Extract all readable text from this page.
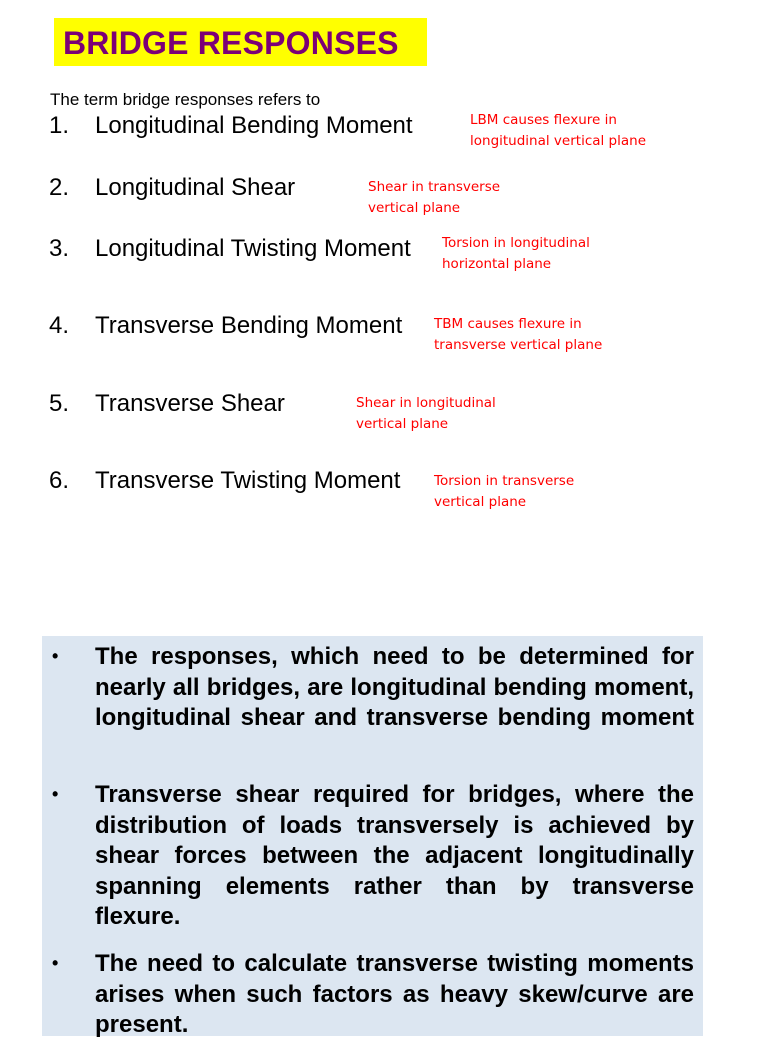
BRIDGE RESPONSES
The term bridge responses refers to
1. Longitudinal Bending Moment	LBM causes flexure in
longitudinal vertical plane
2. Longitudinal Shear	Shear in transverse
vertical plane
3. Longitudinal Twisting Moment Torsion in longitudinal
horizontal plane
4. Transverse Bending Moment TBM causes flexure in
transverse vertical plane
5. Transverse Shear	Shear in longitudinal
vertical plane
6. Transverse Twisting Moment Torsion in transverse
vertical plane
• The responses, which need to be determined for nearly all bridges, are longitudinal bending moment, longitudinal shear and transverse bending moment
• Transverse shear required for bridges, where the distribution of loads transversely is achieved by shear forces between the adjacent longitudinally spanning elements rather than by transverse flexure.
• The need to calculate transverse twisting moments arises when such factors as heavy skew/curve are present.
